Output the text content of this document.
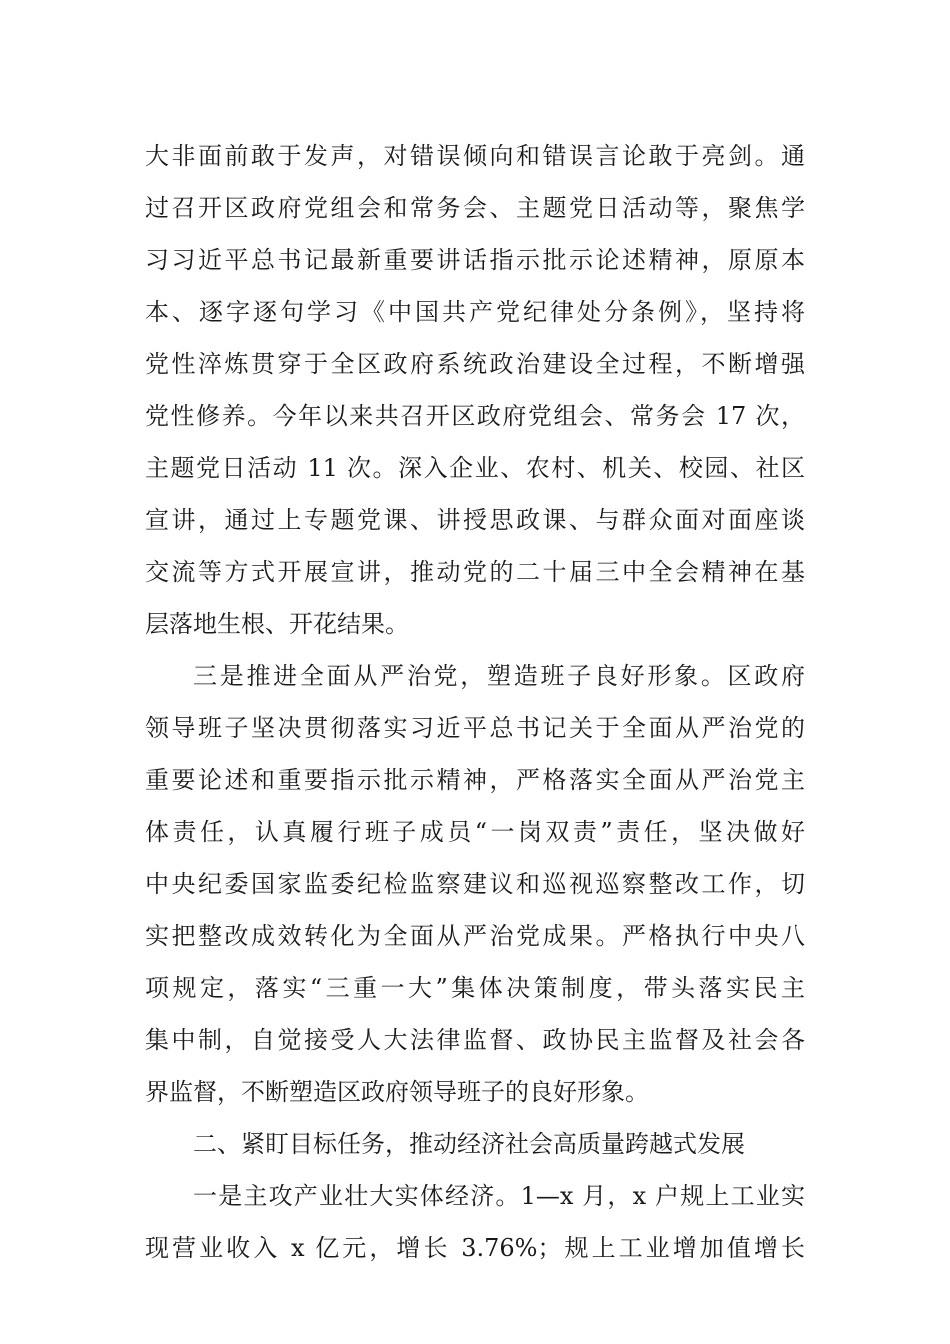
大非面前敢于发声，对错误倾向和错误言论敢于亮剑。通
过召开区政府党组会和常务会、主题党日活动等，聚焦学
习习近平总书记最新重要讲话指示批示论述精神，原原本
本、逐字逐句学习《中国共产党纪律处分条例》，坚持将
党性淬炼贯穿于全区政府系统政治建设全过程，不断增强
党性修养。今年以来共召开区政府党组会、常务会 17 次，
主题党日活动 11 次。深入企业、农村、机关、校园、社区
宣讲，通过上专题党课、讲授思政课、与群众面对面座谈
交流等方式开展宣讲，推动党的二十届三中全会精神在基
层落地生根、开花结果。
三是推进全面从严治党，塑造班子良好形象。区政府
领导班子坚决贯彻落实习近平总书记关于全面从严治党的
重要论述和重要指示批示精神，严格落实全面从严治党主
体责任，认真履行班子成员“一岗双责”责任，坚决做好
中央纪委国家监委纪检监察建议和巡视巡察整改工作，切
实把整改成效转化为全面从严治党成果。严格执行中央八
项规定，落实“三重一大”集体决策制度，带头落实民主
集中制，自觉接受人大法律监督、政协民主监督及社会各
界监督，不断塑造区政府领导班子的良好形象。
二、紧盯目标任务，推动经济社会高质量跨越式发展
一是主攻产业壮大实体经济。1—x 月，x 户规上工业实
现营业收入 x 亿元，增长 3.76%；规上工业增加值增长
